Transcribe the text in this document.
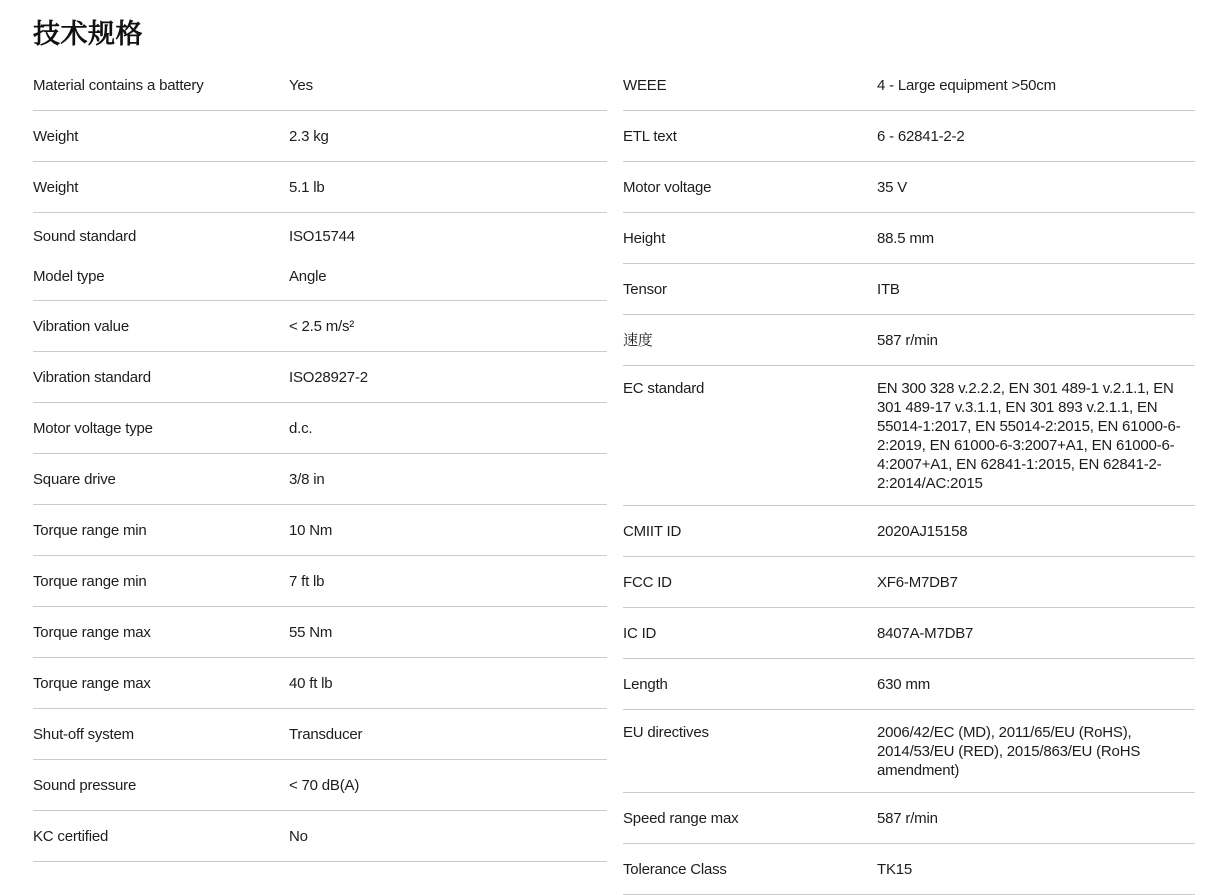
技术规格
Material contains a battery	Yes
Weight	2.3 kg
Weight	5.1 lb
Sound standard	ISO15744
Model type	Angle
Vibration value	< 2.5 m/s²
Vibration standard	ISO28927-2
Motor voltage type	d.c.
Square drive	3/8 in
Torque range min	10 Nm
Torque range min	7 ft lb
Torque range max	55 Nm
Torque range max	40 ft lb
Shut-off system	Transducer
Sound pressure	< 70 dB(A)
KC certified	No
WEEE	4 - Large equipment >50cm
ETL text	6 - 62841-2-2
Motor voltage	35 V
Height	88.5 mm
Tensor	ITB
速度	587 r/min
EC standard	EN 300 328 v.2.2.2, EN 301 489-1 v.2.1.1, EN 301 489-17 v.3.1.1, EN 301 893 v.2.1.1, EN 55014-1:2017, EN 55014-2:2015, EN 61000-6-2:2019, EN 61000-6-3:2007+A1, EN 61000-6-4:2007+A1, EN 62841-1:2015, EN 62841-2-2:2014/AC:2015
CMIIT ID	2020AJ15158
FCC ID	XF6-M7DB7
IC ID	8407A-M7DB7
Length	630 mm
EU directives	2006/42/EC (MD), 2011/65/EU (RoHS), 2014/53/EU (RED), 2015/863/EU (RoHS amendment)
Speed range max	587 r/min
Tolerance Class	TK15
